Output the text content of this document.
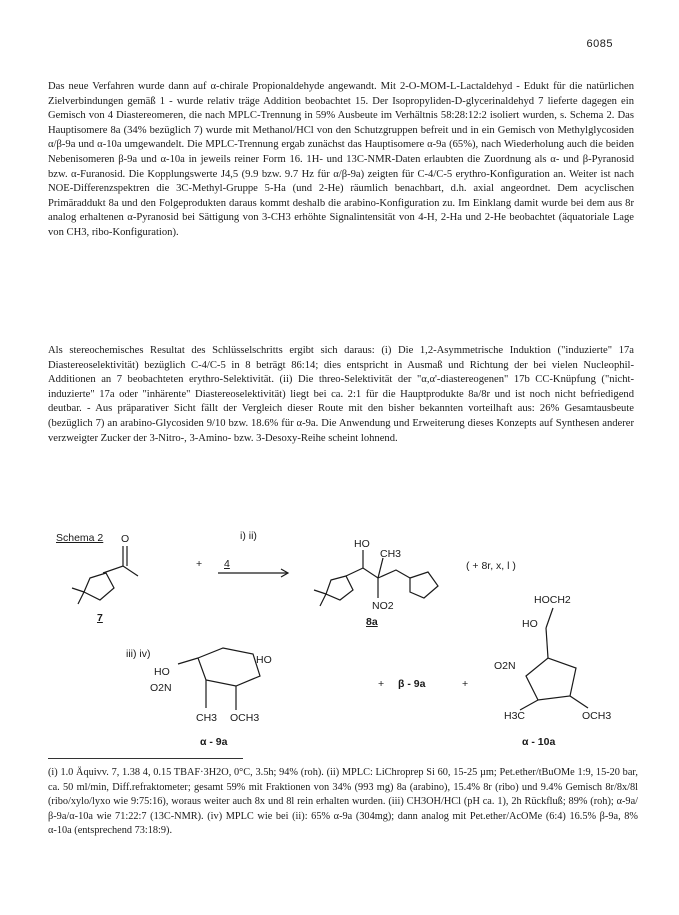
6085

Das neue Verfahren wurde dann auf α-chirale Propionaldehyde angewandt. Mit 2-O-MOM-L-Lactaldehyd - Edukt für die natürlichen Zielverbindungen gemäß 1 - wurde relativ träge Addition beobachtet 15. Der Isopropyliden-D-glycerinaldehyd 7 lieferte dagegen ein Gemisch von 4 Diastereomeren, die nach MPLC-Trennung in 59% Ausbeute im Verhältnis 58:28:12:2 isoliert wurden, s. Schema 2. Das Hauptisomere 8a (34% bezüglich 7) wurde mit Methanol/HCl von den Schutzgruppen befreit und in ein Gemisch von Methylglycosiden α/β-9a und α-10a umgewandelt. Die MPLC-Trennung ergab zunächst das Hauptisomere α-9a (65%), nach Wiederholung auch die beiden Nebenisomeren β-9a und α-10a in jeweils reiner Form 16. 1H- und 13C-NMR-Daten erlaubten die Zuordnung als α- und β-Pyranosid bzw. α-Furanosid. Die Kopplungswerte J4,5 (9.9 bzw. 9.7 Hz für α/β-9a) zeigten für C-4/C-5 erythro-Konfiguration an. Weiter ist nach NOE-Differenzspektren die 3C-Methyl-Gruppe 5-Ha (und 2-He) räumlich benachbart, d.h. axial angeordnet. Dem acyclischen Primäraddukt 8a und den Folgeprodukten daraus kommt deshalb die arabino-Konfiguration zu. Im Einklang damit wurde bei dem aus 8r analog erhaltenen α-Pyranosid bei Sättigung von 3-CH3 erhöhte Signalintensität von 4-H, 2-Ha und 2-He beobachtet (äquatoriale Lage von CH3, ribo-Konfiguration).

Als stereochemisches Resultat des Schlüsselschritts ergibt sich daraus: (i) Die 1,2-Asymmetrische Induktion ("induzierte" 17a Diastereoselektivität) bezüglich C-4/C-5 in 8 beträgt 86:14; dies entspricht in Ausmaß und Richtung der bei vielen Nucleophil-Additionen an 7 beobachteten erythro-Selektivität. (ii) Die threo-Selektivität der "α,α'-diastereogenen" 17b CC-Knüpfung ("nicht-induzierte" 17a oder "inhärente" Diastereoselektivität) liegt bei ca. 2:1 für die Hauptprodukte 8a/8r und ist noch nicht befriedigend deutbar. - Aus präparativer Sicht fällt der Vergleich dieser Route mit den bisher bekannten vorteilhaft aus: 26% Gesamtausbeute (bezüglich 7) an arabino-Glycosiden 9/10 bzw. 18.6% für α-9a. Die Anwendung und Erweiterung dieses Konzepts auf Synthesen anderer verzweigter Zucker der 3-Nitro-, 3-Amino- bzw. 3-Desoxy-Reihe scheint lohnend.

Schema 2 O
+ 4
7
i) ii)
HO
CH3
NO2
( + 8r, x, l )
8a
iii) iv)	HO
HO
O2N
CH3 OCH3
α - 9a
+ β - 9a	+
HOCH2
HO
O2N
H3C	OCH3
α - 10a

(i) 1.0 Äquivv. 7, 1.38 4, 0.15 TBAF·3H2O, 0°C, 3.5h; 94% (roh). (ii) MPLC: LiChroprep Si 60, 15-25 µm; Pet.ether/tBuOMe 1:9, 15-20 bar, ca. 50 ml/min, Diff.refraktometer; gesamt 59% mit Fraktionen von 34% (993 mg) 8a (arabino), 15.4% 8r (ribo) und 9.4% Gemisch 8r/8x/8l (ribo/xylo/lyxo wie 9:75:16), woraus weiter auch 8x und 8l rein erhalten wurden. (iii) CH3OH/HCl (pH ca. 1), 2h Rückfluß; 89% (roh); α-9a/β-9a/α-10a wie 71:22:7 (13C-NMR). (iv) MPLC wie bei (ii): 65% α-9a (304mg); dann analog mit Pet.ether/AcOMe (6:4) 16.5% β-9a, 8% α-10a (entsprechend 73:18:9).
